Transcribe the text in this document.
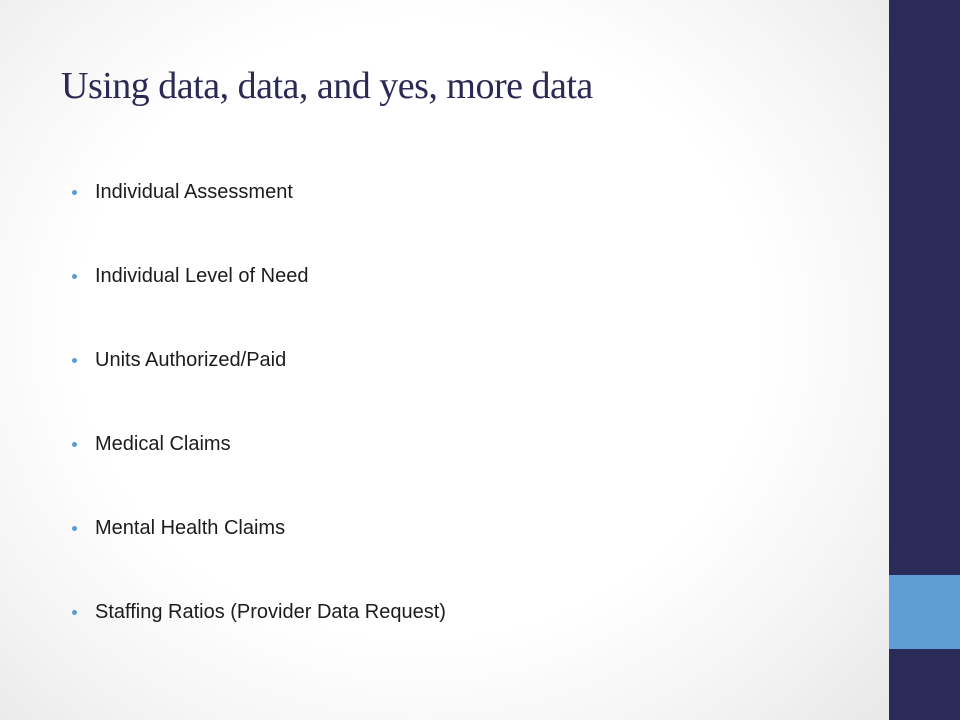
Using data, data, and yes, more data
Individual Assessment
Individual Level of Need
Units Authorized/Paid
Medical Claims
Mental Health Claims
Staffing Ratios (Provider Data Request)
